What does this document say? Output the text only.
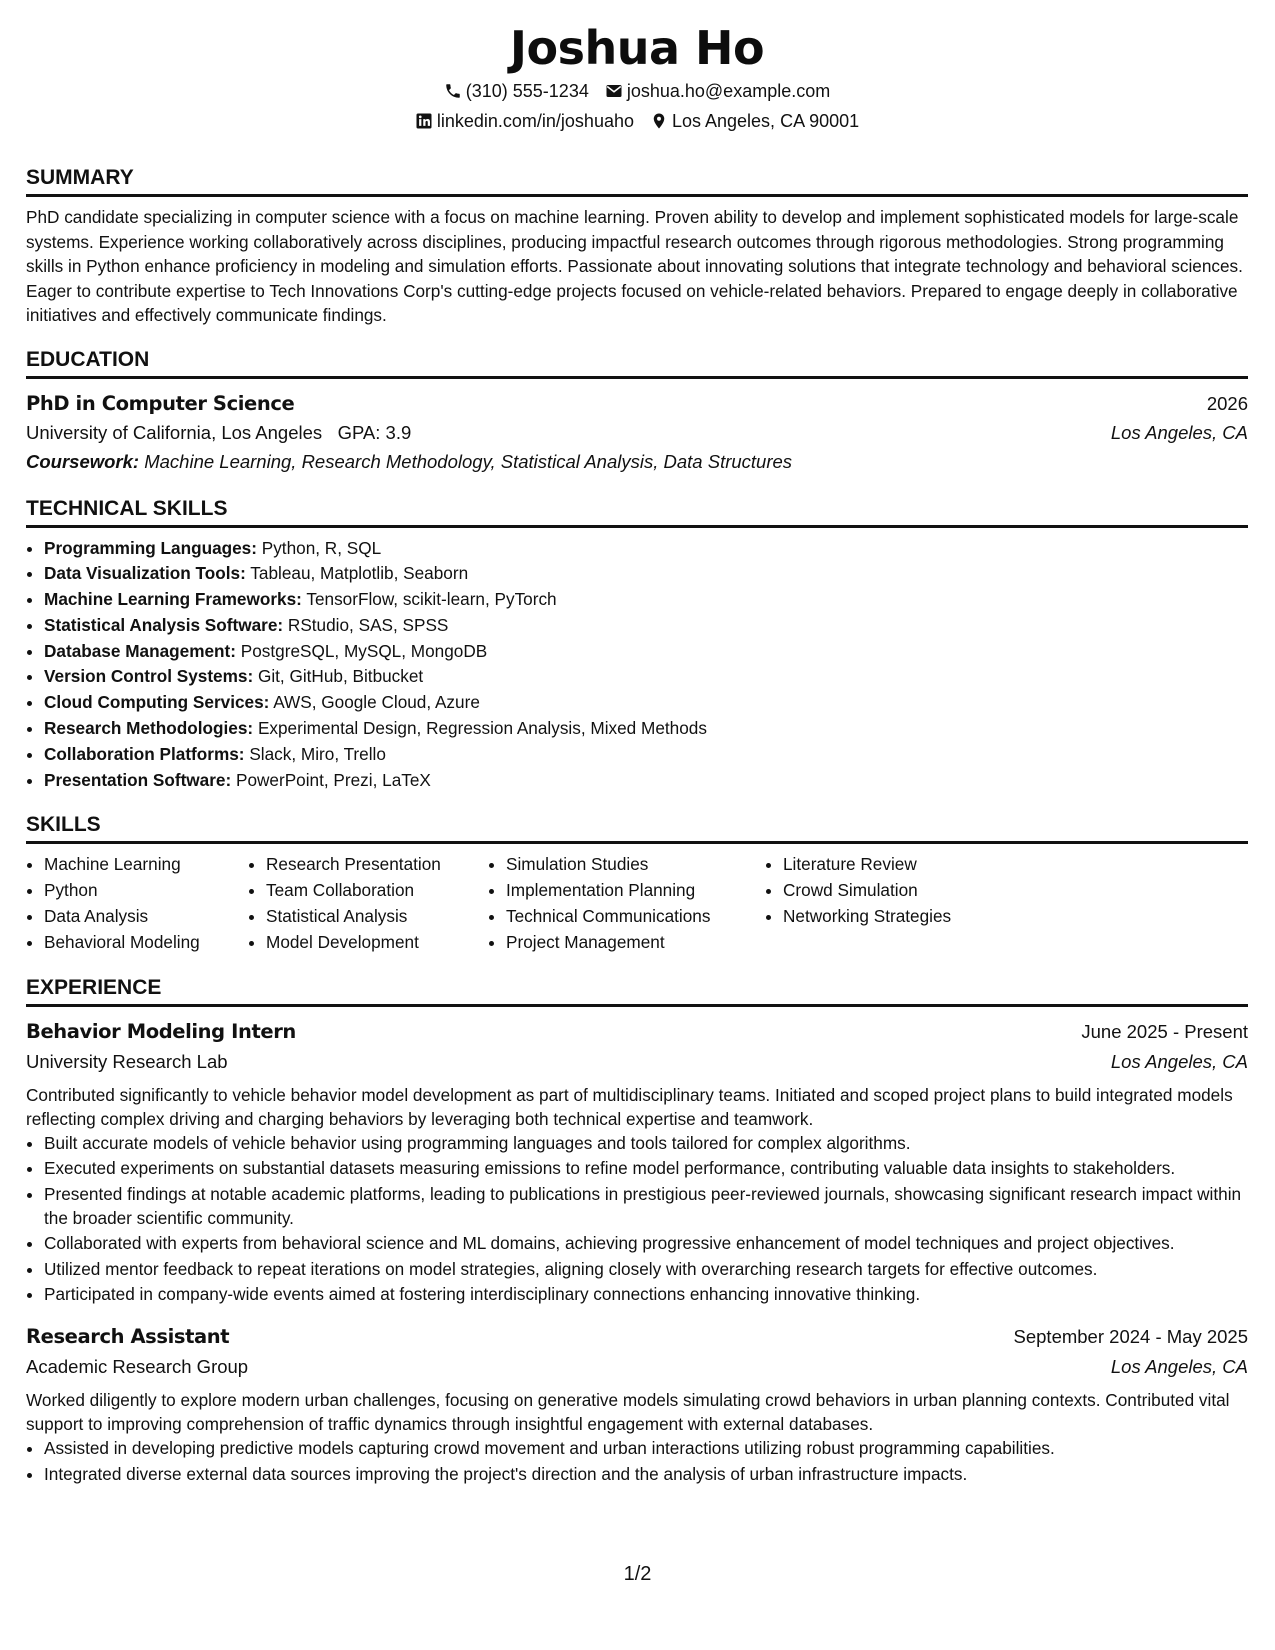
Joshua Ho
(310) 555-1234 joshua.ho@example.com
linkedin.com/in/joshuaho Los Angeles, CA 90001
SUMMARY
PhD candidate specializing in computer science with a focus on machine learning. Proven ability to develop and implement sophisticated models for large-scale systems. Experience working collaboratively across disciplines, producing impactful research outcomes through rigorous methodologies. Strong programming skills in Python enhance proficiency in modeling and simulation efforts. Passionate about innovating solutions that integrate technology and behavioral sciences. Eager to contribute expertise to Tech Innovations Corp's cutting-edge projects focused on vehicle-related behaviors. Prepared to engage deeply in collaborative initiatives and effectively communicate findings.
EDUCATION
PhD in Computer Science	2026
University of California, Los Angeles GPA: 3.9	Los Angeles, CA
Coursework: Machine Learning, Research Methodology, Statistical Analysis, Data Structures
TECHNICAL SKILLS
• Programming Languages: Python, R, SQL
• Data Visualization Tools: Tableau, Matplotlib, Seaborn
• Machine Learning Frameworks: TensorFlow, scikit-learn, PyTorch
• Statistical Analysis Software: RStudio, SAS, SPSS
• Database Management: PostgreSQL, MySQL, MongoDB
• Version Control Systems: Git, GitHub, Bitbucket
• Cloud Computing Services: AWS, Google Cloud, Azure
• Research Methodologies: Experimental Design, Regression Analysis, Mixed Methods
• Collaboration Platforms: Slack, Miro, Trello
• Presentation Software: PowerPoint, Prezi, LaTeX
SKILLS
• Machine Learning
• Python
• Data Analysis
• Behavioral Modeling
• Research Presentation
• Team Collaboration
• Statistical Analysis
• Model Development
• Simulation Studies
• Implementation Planning
• Technical Communications
• Project Management
• Literature Review
• Crowd Simulation
• Networking Strategies
EXPERIENCE
Behavior Modeling Intern	June 2025 - Present
University Research Lab	Los Angeles, CA
Contributed significantly to vehicle behavior model development as part of multidisciplinary teams. Initiated and scoped project plans to build integrated models reflecting complex driving and charging behaviors by leveraging both technical expertise and teamwork.
• Built accurate models of vehicle behavior using programming languages and tools tailored for complex algorithms.
• Executed experiments on substantial datasets measuring emissions to refine model performance, contributing valuable data insights to stakeholders.
• Presented findings at notable academic platforms, leading to publications in prestigious peer-reviewed journals, showcasing significant research impact within the broader scientific community.
• Collaborated with experts from behavioral science and ML domains, achieving progressive enhancement of model techniques and project objectives.
• Utilized mentor feedback to repeat iterations on model strategies, aligning closely with overarching research targets for effective outcomes.
• Participated in company-wide events aimed at fostering interdisciplinary connections enhancing innovative thinking.
Research Assistant	September 2024 - May 2025
Academic Research Group	Los Angeles, CA
Worked diligently to explore modern urban challenges, focusing on generative models simulating crowd behaviors in urban planning contexts. Contributed vital support to improving comprehension of traffic dynamics through insightful engagement with external databases.
• Assisted in developing predictive models capturing crowd movement and urban interactions utilizing robust programming capabilities.
• Integrated diverse external data sources improving the project's direction and the analysis of urban infrastructure impacts.
1/2
